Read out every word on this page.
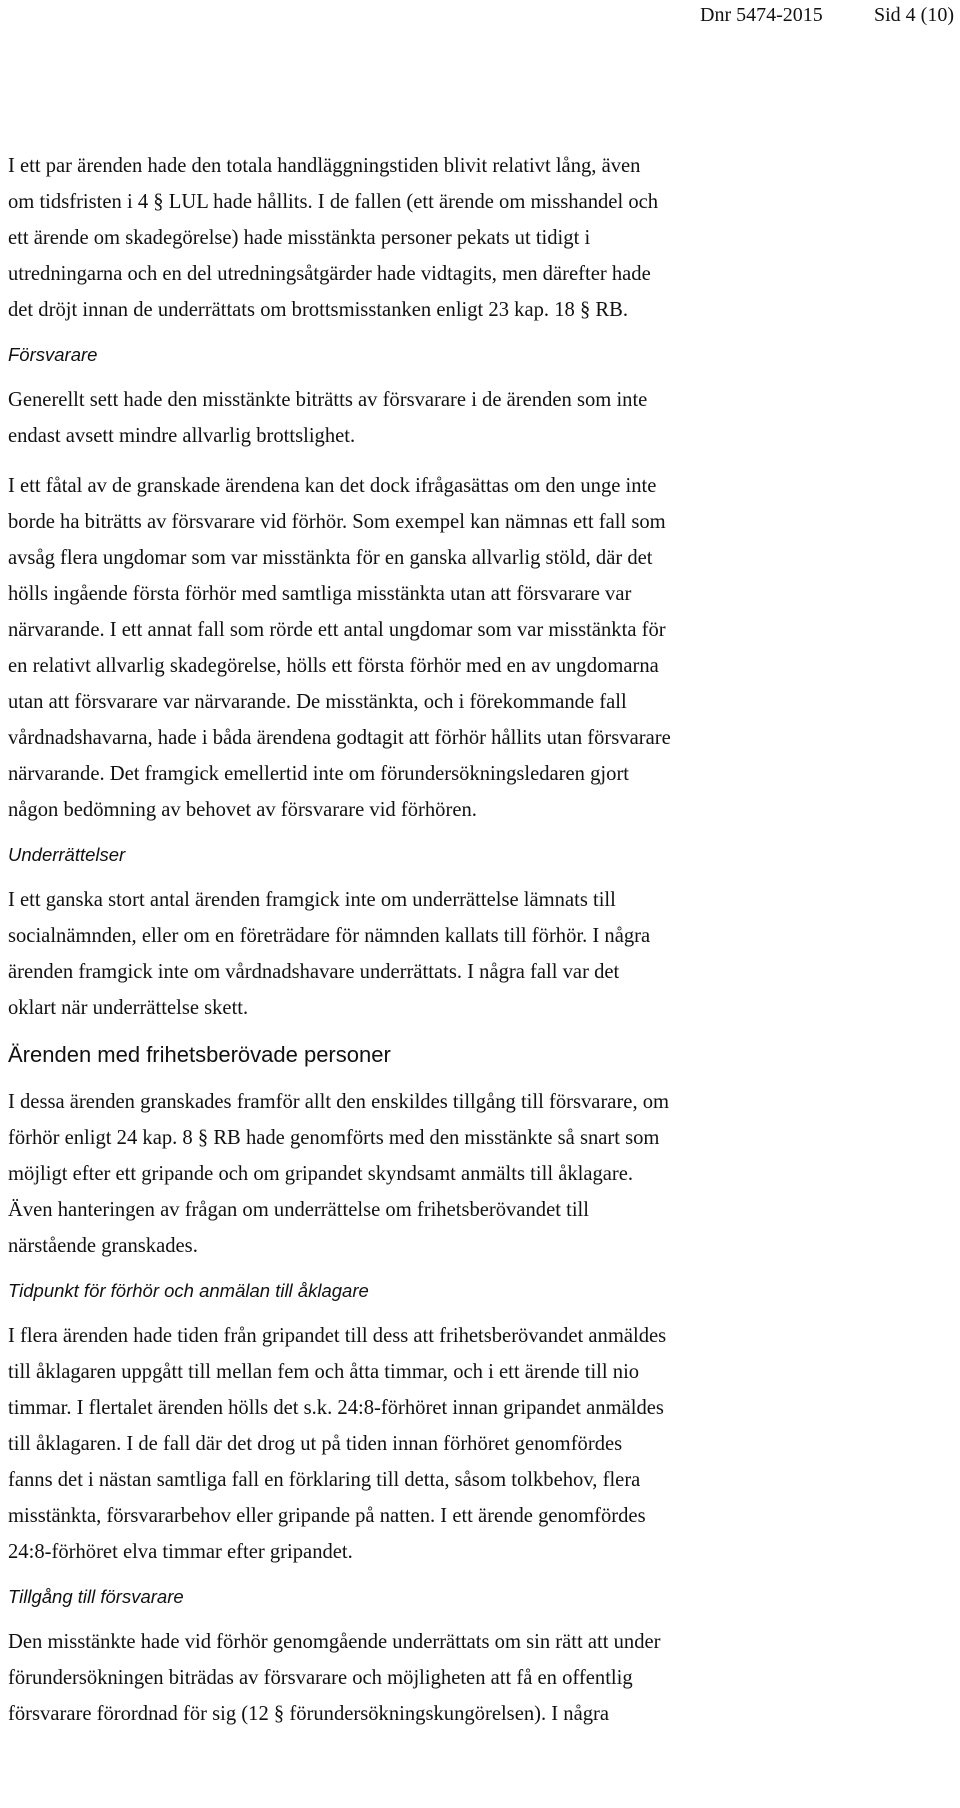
Dnr 5474-2015	Sid 4 (10)

I ett par ärenden hade den totala handläggningstiden blivit relativt lång, även
om tidsfristen i 4 § LUL hade hållits. I de fallen (ett ärende om misshandel och
ett ärende om skadegörelse) hade misstänkta personer pekats ut tidigt i
utredningarna och en del utredningsåtgärder hade vidtagits, men därefter hade
det dröjt innan de underrättats om brottsmisstanken enligt 23 kap. 18 § RB.

Försvarare

Generellt sett hade den misstänkte biträtts av försvarare i de ärenden som inte
endast avsett mindre allvarlig brottslighet.

I ett fåtal av de granskade ärendena kan det dock ifrågasättas om den unge inte
borde ha biträtts av försvarare vid förhör. Som exempel kan nämnas ett fall som
avsåg flera ungdomar som var misstänkta för en ganska allvarlig stöld, där det
hölls ingående första förhör med samtliga misstänkta utan att försvarare var
närvarande. I ett annat fall som rörde ett antal ungdomar som var misstänkta för
en relativt allvarlig skadegörelse, hölls ett första förhör med en av ungdomarna
utan att försvarare var närvarande. De misstänkta, och i förekommande fall
vårdnadshavarna, hade i båda ärendena godtagit att förhör hållits utan försvarare
närvarande. Det framgick emellertid inte om förundersökningsledaren gjort
någon bedömning av behovet av försvarare vid förhören.

Underrättelser

I ett ganska stort antal ärenden framgick inte om underrättelse lämnats till
socialnämnden, eller om en företrädare för nämnden kallats till förhör. I några
ärenden framgick inte om vårdnadshavare underrättats. I några fall var det
oklart när underrättelse skett.

Ärenden med frihetsberövade personer

I dessa ärenden granskades framför allt den enskildes tillgång till försvarare, om
förhör enligt 24 kap. 8 § RB hade genomförts med den misstänkte så snart som
möjligt efter ett gripande och om gripandet skyndsamt anmälts till åklagare.
Även hanteringen av frågan om underrättelse om frihetsberövandet till
närstående granskades.

Tidpunkt för förhör och anmälan till åklagare

I flera ärenden hade tiden från gripandet till dess att frihetsberövandet anmäldes
till åklagaren uppgått till mellan fem och åtta timmar, och i ett ärende till nio
timmar. I flertalet ärenden hölls det s.k. 24:8-förhöret innan gripandet anmäldes
till åklagaren. I de fall där det drog ut på tiden innan förhöret genomfördes
fanns det i nästan samtliga fall en förklaring till detta, såsom tolkbehov, flera
misstänkta, försvararbehov eller gripande på natten. I ett ärende genomfördes
24:8-förhöret elva timmar efter gripandet.

Tillgång till försvarare

Den misstänkte hade vid förhör genomgående underrättats om sin rätt att under
förundersökningen biträdas av försvarare och möjligheten att få en offentlig
försvarare förordnad för sig (12 § förundersökningskungörelsen). I några
